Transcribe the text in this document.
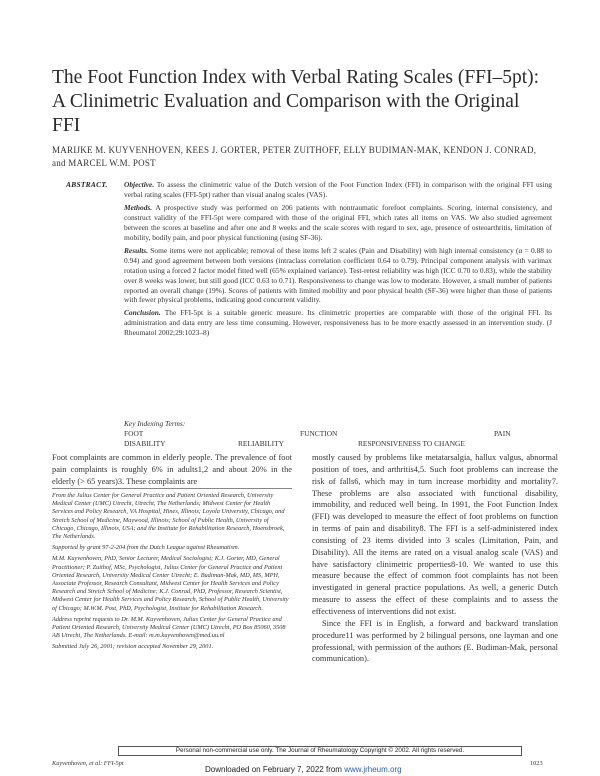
The Foot Function Index with Verbal Rating Scales (FFI–5pt): A Clinimetric Evaluation and Comparison with the Original FFI
MARIJKE M. KUYVENHOVEN, KEES J. GORTER, PETER ZUITHOFF, ELLY BUDIMAN-MAK, KENDON J. CONRAD, and MARCEL W.M. POST
ABSTRACT. Objective. To assess the clinimetric value of the Dutch version of the Foot Function Index (FFI) in comparison with the original FFI using verbal rating scales (FFI-5pt) rather than visual analog scales (VAS).

Methods. A prospective study was performed on 206 patients with nontraumatic forefoot complaints. Scoring, internal consistency, and construct validity of the FFI-5pt were compared with those of the original FFI, which rates all items on VAS. We also studied agreement between the scores at baseline and after one and 8 weeks and the scale scores with regard to sex, age, presence of osteoarthritis, limitation of mobility, bodily pain, and poor physical functioning (using SF-36).

Results. Some items were not applicable; removal of these items left 2 scales (Pain and Disability) with high internal consistency (α = 0.88 to 0.94) and good agreement between both versions (intraclass correlation coefficient 0.64 to 0.79). Principal component analysis with varimax rotation using a forced 2 factor model fitted well (65% explained variance). Test-retest reliability was high (ICC 0.70 to 0.83), while the stability over 8 weeks was lower, but still good (ICC 0.63 to 0.71). Responsiveness to change was low to moderate. However, a small number of patients reported an overall change (19%). Scores of patients with limited mobility and poor physical health (SF-36) were higher than those of patients with fewer physical problems, indicating good concurrent validity.

Conclusion. The FFI-5pt is a suitable generic measure. Its clinimetric properties are comparable with those of the original FFI. Its administration and data entry are less time consuming. However, responsiveness has to be more exactly assessed in an intervention study. (J Rheumatol 2002;29:1023–8)

Key Indexing Terms:
FOOT	FUNCTION	PAIN
DISABILITY	RELIABILITY	RESPONSIVENESS TO CHANGE
Foot complaints are common in elderly people. The prevalence of foot pain complaints is roughly 6% in adults1,2 and about 20% in the elderly (> 65 years)3. These complaints are

From the Julius Center for General Practice and Patient Oriented Research, University Medical Center (UMC) Utrecht, Utrecht, The Netherlands; Midwest Center for Health Services and Policy Research, VA Hospital, Hines, Illinois; Loyola University, Chicago, and Streich School of Medicine, Maywood, Illinois; School of Public Health, University of Chicago, Chicago, Illinois, USA; and the Institute for Rehabilitation Research, Hoensbroek, The Netherlands.

Supported by grant 97-2-204 from the Dutch League against Rheumatism.

M.M. Kuyvenhoven, PhD, Senior Lecturer, Medical Sociologist; K.J. Gorter, MD, General Practitioner; P. Zuithof, MSc, Psychologist, Julius Center for General Practice and Patient Oriented Research, University Medical Center Utrecht; E. Budiman-Mak, MD, MS, MPH, Associate Professor, Research Consultant, Midwest Center for Health Services and Policy Research and Streich School of Medicine; K.J. Conrad, PhD, Professor, Research Scientist, Midwest Center for Health Services and Policy Research, School of Public Health, University of Chicago; M.W.M. Post, PhD, Psychologist, Institute for Rehabilitation Research.

Address reprint requests to Dr. M.M. Kuyvenhoven, Julius Center for General Practice and Patient Oriented Research, University Medical Center (UMC) Utrecht, PO Box 85060, 3508 AB Utrecht, The Netherlands. E-mail: m.m.kuyvenhoven@med.uu.nl

Submitted July 26, 2001; revision accepted November 29, 2001.

mostly caused by problems like metatarsalgia, hallux valgus, abnormal position of toes, and arthritis4,5. Such foot problems can increase the risk of falls6, which may in turn increase morbidity and mortality7. These problems are also associated with functional disability, immobility, and reduced well being. In 1991, the Foot Function Index (FFI) was developed to measure the effect of foot problems on function in terms of pain and disability8. The FFI is a self-administered index consisting of 23 items divided into 3 scales (Limitation, Pain, and Disability). All the items are rated on a visual analog scale (VAS) and have satisfactory clinimetric properties8-10. We wanted to use this measure because the effect of common foot complaints has not been investigated in general practice populations. As well, a generic Dutch measure to assess the effect of these complaints and to assess the effectiveness of interventions did not exist.

Since the FFI is in English, a forward and backward translation procedure11 was performed by 2 bilingual persons, one layman and one professional, with permission of the authors (E. Budiman-Mak, personal communication).

Personal non-commercial use only. The Journal of Rheumatology Copyright © 2002. All rights reserved.
Kuyvenhoven, et al: FFI-5pt	1023
Downloaded on February 7, 2022 from www.jrheum.org
